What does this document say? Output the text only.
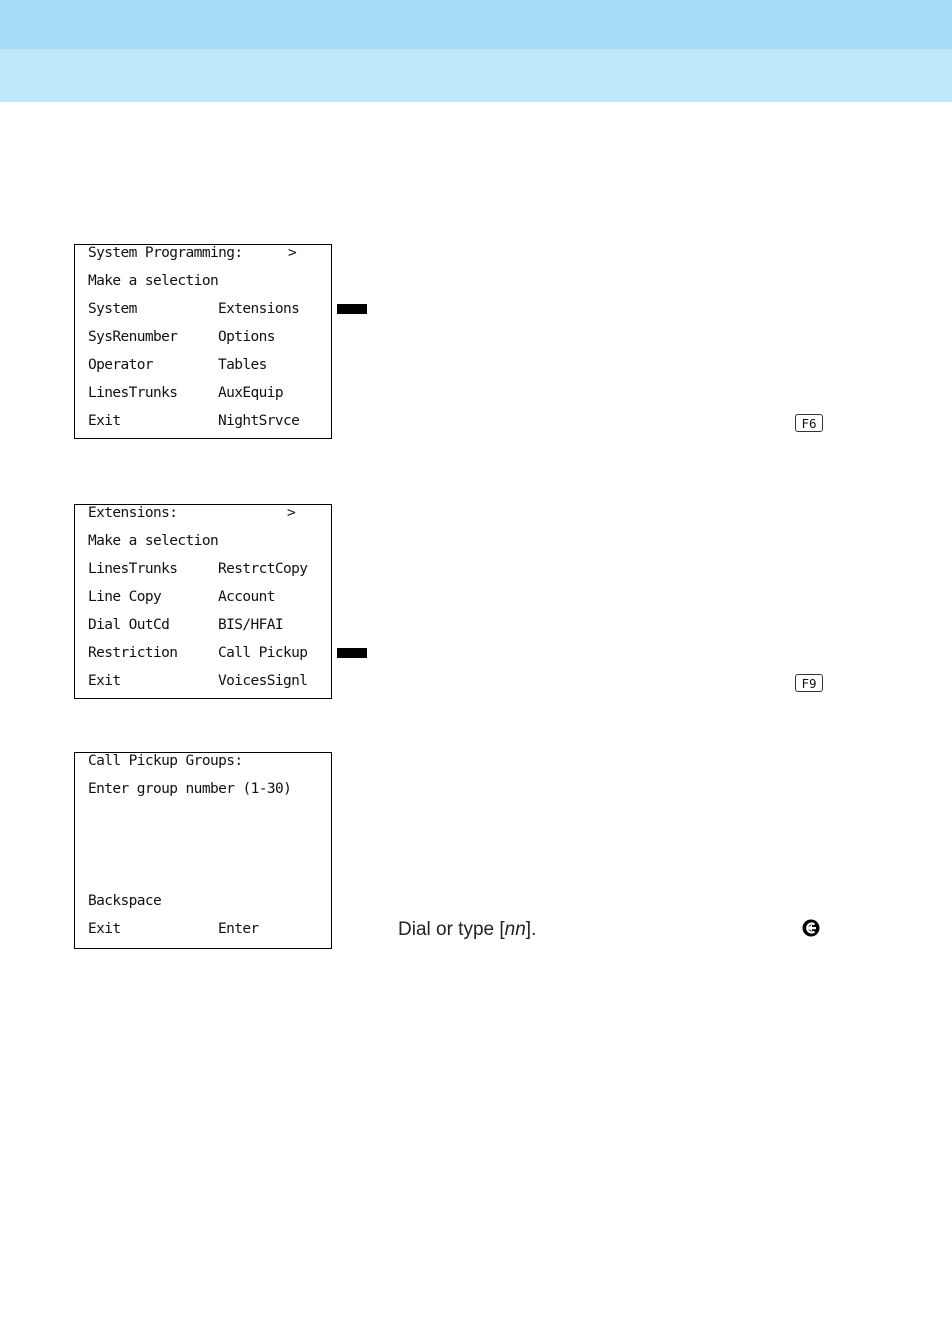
System Programming:	>
Make a selection
System	Extensions
SysRenumber	Options
Operator	Tables
LinesTrunks	AuxEquip
Exit	NightSrvce	F6
Extensions:	>
Make a selection
LinesTrunks	RestrctCopy
Line Copy	Account
Dial OutCd	BIS/HFAI
Restriction	Call Pickup
Exit	VoicesSignl	F9
Call Pickup Groups:
Enter group number (1-30)
Backspace
Exit	Enter	Dial or type [nn].
